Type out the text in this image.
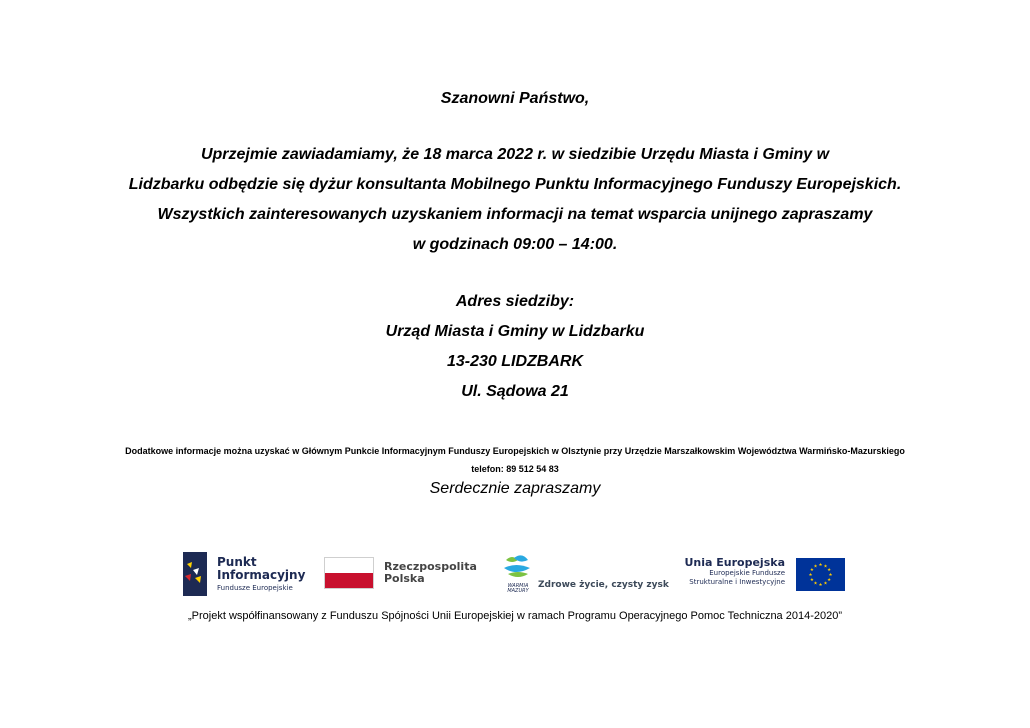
Szanowni Państwo,
Uprzejmie zawiadamiamy, że 18 marca 2022 r. w siedzibie Urzędu Miasta i Gminy w
Lidzbarku odbędzie się dyżur konsultanta Mobilnego Punktu Informacyjnego Funduszy Europejskich.
Wszystkich zainteresowanych uzyskaniem informacji na temat wsparcia unijnego zapraszamy
w godzinach 09:00 – 14:00.
Adres siedziby:
Urząd Miasta i Gminy w Lidzbarku
13-230 LIDZBARK
Ul. Sądowa 21
Dodatkowe informacje można uzyskać w Głównym Punkcie Informacyjnym Funduszy Europejskich w Olsztynie przy Urzędzie Marszałkowskim Województwa Warmińsko-Mazurskiego
telefon: 89 512 54 83
Serdecznie zapraszamy
Punkt
Informacyjny
Fundusze Europejskie
Rzeczpospolita
Polska
WARMIA
MAZURY
Zdrowe życie, czysty zysk
Unia Europejska
Europejskie Fundusze
Strukturalne i Inwestycyjne
★ ★
★
★
★
★
★
★
★
★
★
★
„Projekt współfinansowany z Funduszu Spójności Unii Europejskiej w ramach Programu Operacyjnego Pomoc Techniczna 2014-2020”
